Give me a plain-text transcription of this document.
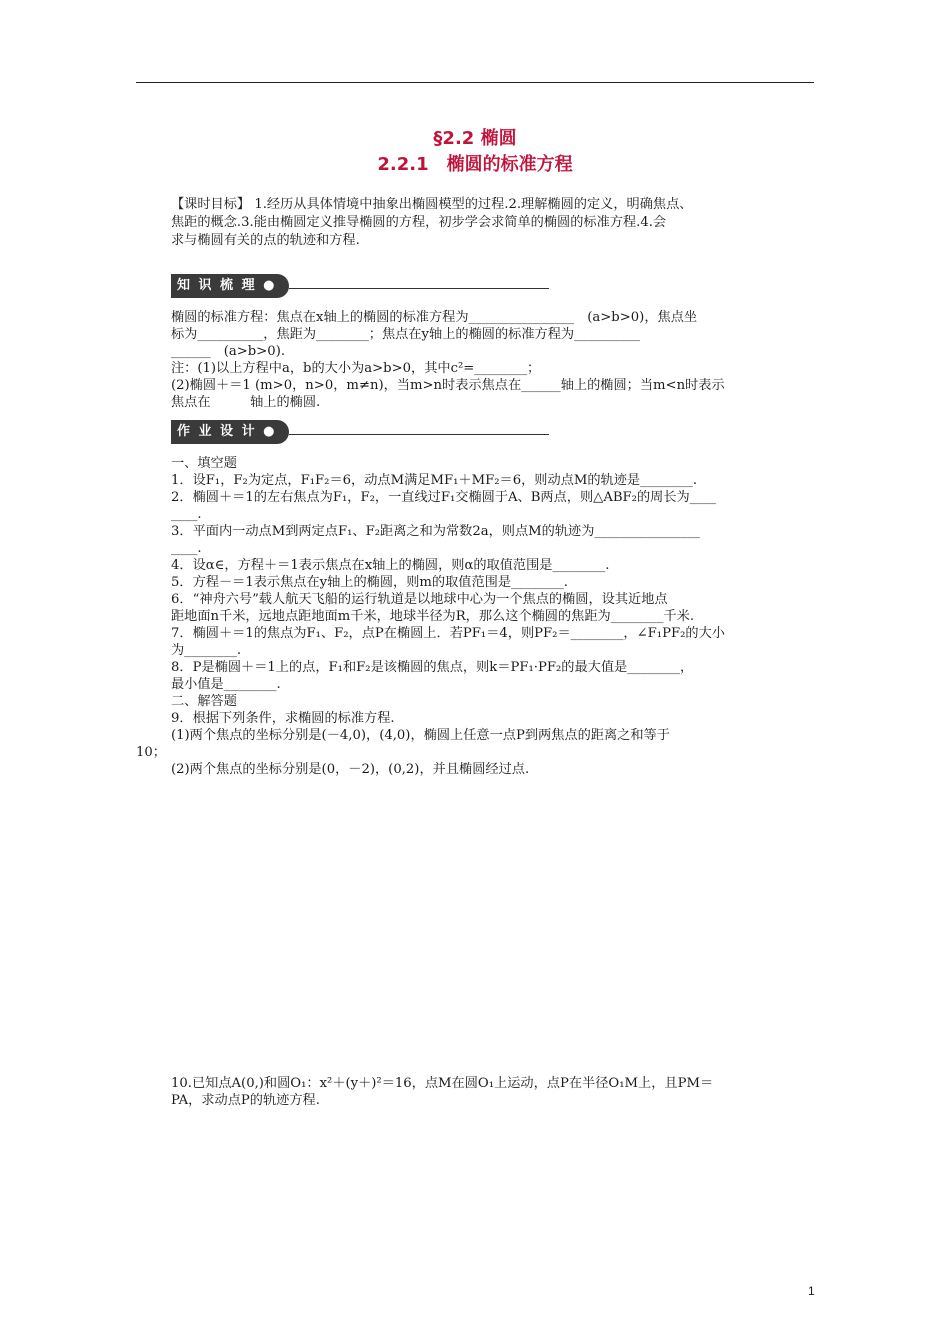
§2.2 椭圆
2.2.1　椭圆的标准方程
【课时目标】 1.经历从具体情境中抽象出椭圆模型的过程.2.理解椭圆的定义，明确焦点、
焦距的概念.3.能由椭圆定义推导椭圆的方程，初步学会求简单的椭圆的标准方程.4.会
求与椭圆有关的点的轨迹和方程.
知 识 梳 理 ●
椭圆的标准方程：焦点在x轴上的椭圆的标准方程为________________　(a>b>0)，焦点坐
标为__________，焦距为________；焦点在y轴上的椭圆的标准方程为__________
______　(a>b>0).
注：(1)以上方程中a，b的大小为a>b>0，其中c²=________；
(2)椭圆＋＝1 (m>0，n>0，m≠n)，当m>n时表示焦点在______轴上的椭圆；当m<n时表示
焦点在　　　轴上的椭圆.
作 业 设 计 ●
一、填空题
1．设F₁，F₂为定点，F₁F₂＝6，动点M满足MF₁＋MF₂＝6，则动点M的轨迹是________.
2．椭圆＋＝1的左右焦点为F₁，F₂，一直线过F₁交椭圆于A、B两点，则△ABF₂的周长为____
____.
3．平面内一动点M到两定点F₁、F₂距离之和为常数2a，则点M的轨迹为________________
____.
4．设α∈，方程＋＝1表示焦点在x轴上的椭圆，则α的取值范围是________.
5．方程－＝1表示焦点在y轴上的椭圆，则m的取值范围是________.
6．“神舟六号”载人航天飞船的运行轨道是以地球中心为一个焦点的椭圆，设其近地点
距地面n千米，远地点距地面m千米，地球半径为R，那么这个椭圆的焦距为________千米.
7．椭圆＋＝1的焦点为F₁、F₂，点P在椭圆上．若PF₁＝4，则PF₂＝________，∠F₁PF₂的大小
为________.
8．P是椭圆＋＝1上的点，F₁和F₂是该椭圆的焦点，则k＝PF₁·PF₂的最大值是________，
最小值是________.
二、解答题
9．根据下列条件，求椭圆的标准方程.
(1)两个焦点的坐标分别是(－4,0)，(4,0)，椭圆上任意一点P到两焦点的距离之和等于
10；
(2)两个焦点的坐标分别是(0，－2)，(0,2)，并且椭圆经过点.
10.已知点A(0,)和圆O₁：x²＋(y＋)²＝16，点M在圆O₁上运动，点P在半径O₁M上，且PM＝
PA，求动点P的轨迹方程.
1
